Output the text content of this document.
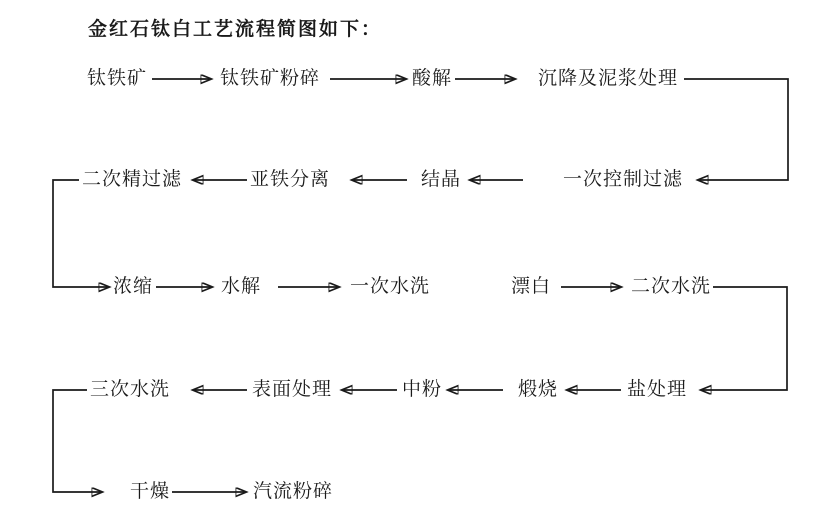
金红石钛白工艺流程简图如下：
钛铁矿	钛铁矿粉碎	酸解	沉降及泥浆处理
一次控制过滤
结晶
亚铁分离
二次精过滤
浓缩	水解	一次水洗	漂白	二次水洗
盐处理
煅烧
中粉
表面处理
三次水洗
干燥	汽流粉碎
